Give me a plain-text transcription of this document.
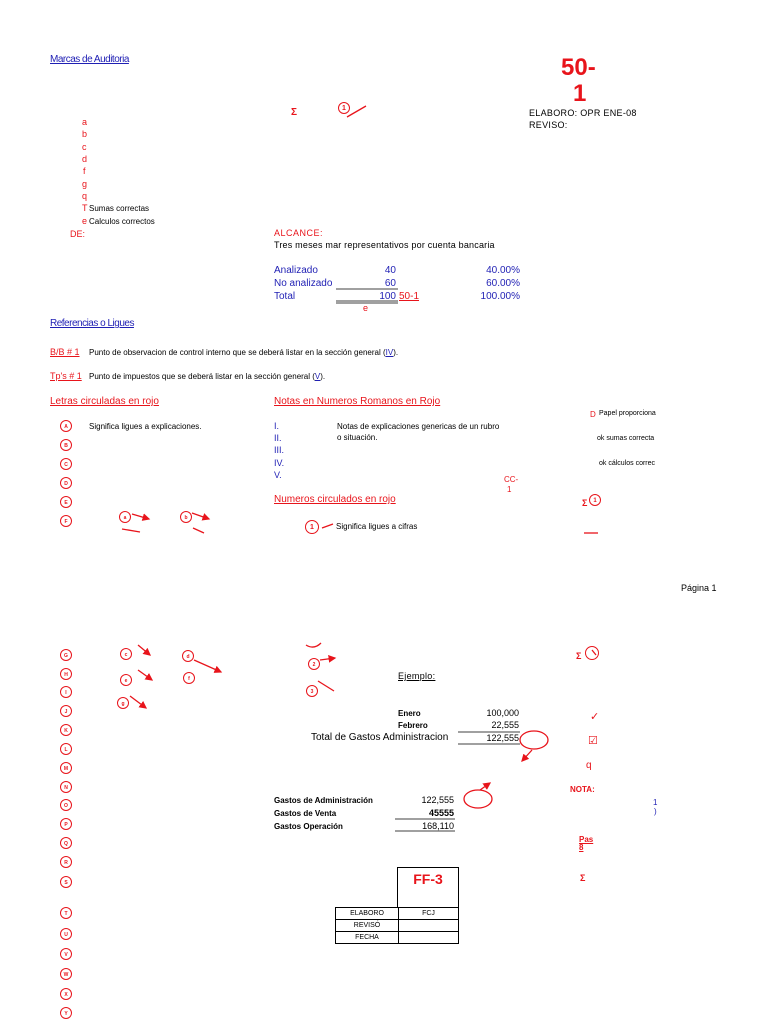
Marcas de Auditoria	50-
1
Σ	1	ELABORO: OPR ENE-08
REVISO:
a
b
c
d
f
g
q
T Sumas correctas
e Calculos correctos
DE:	ALCANCE:
Tres meses mar representativos por cuenta bancaria
Analizado	40	40.00%
No analizado	60	60.00%
Total	100 50-1	100.00%
e
Referencias o Ligues
B/B # 1 Punto de observacion de control interno que se deberá listar en la sección general (IV).
Tp's # 1 Punto de impuestos que se deberá listar en la sección general (V).
Letras circuladas en rojo
Significa ligues a explicaciones.
A
B
C
D
E
F
a	b
Notas en Numeros Romanos en Rojo
I.
II.
III.
IV.
V.
Notas de explicaciones genericas de un rubro
o situación.
CC-
1
D Papel proporciona
ok sumas correcta
ok cálculos correc
Σ 1
Numeros circulados en rojo
1	Significa ligues a cifras
Página 1
G
H
I
J
K
L
M
N
O
P
Q
R
S
T
U
V
W
X
Y
c	d
e	f
g
2
3
Ejemplo:
Enero	100,000
Febrero	22,555
Total de Gastos Administracion	122,555
Gastos de Administración	122,555
Gastos de Venta	45555
Gastos Operación	168,110
Σ
✓
☑
q
NOTA:
1
)
Pas
8
Σ
FF-3
ELABORO	FCJ
REVISÓ	
FECHA	
